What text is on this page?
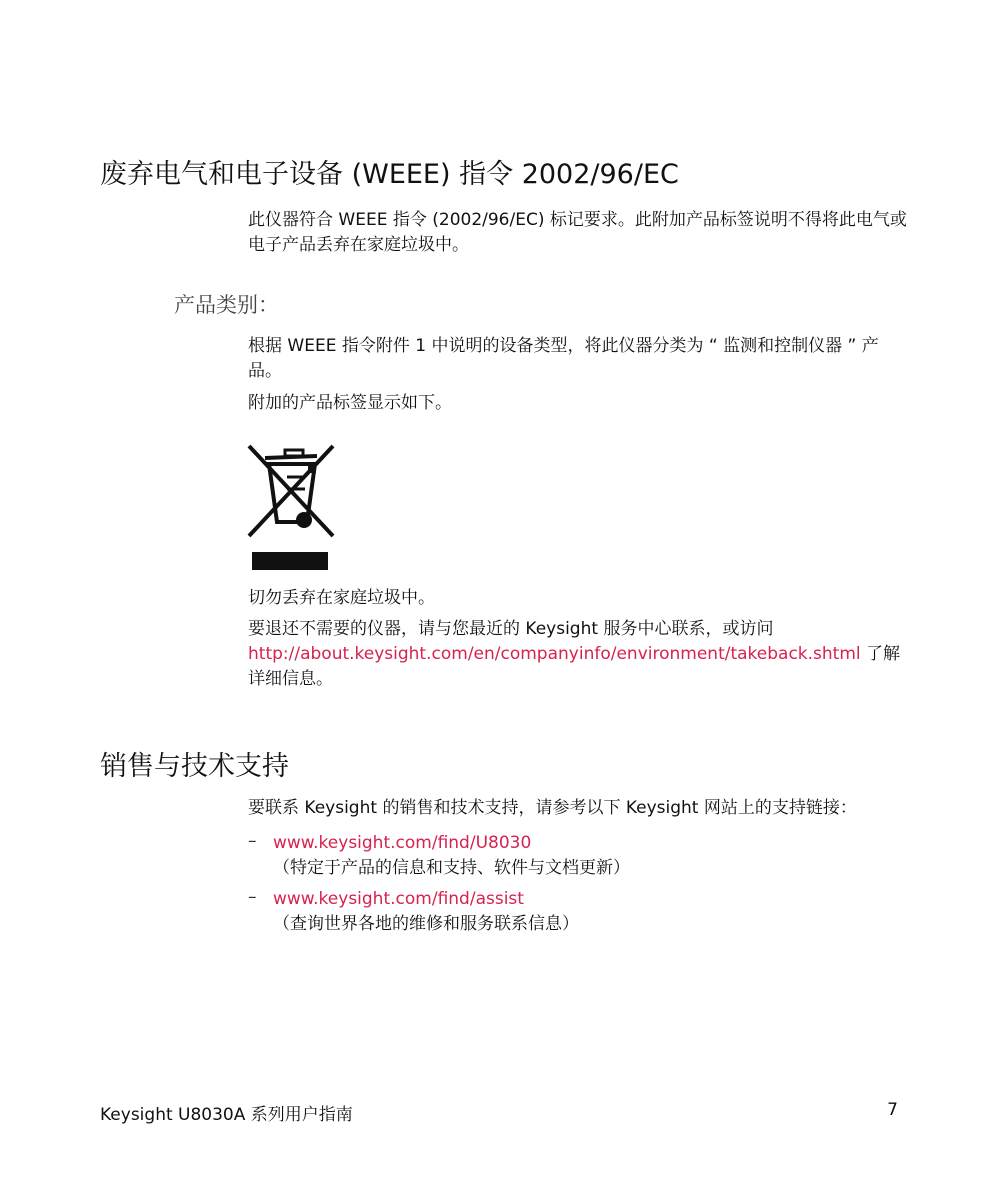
废弃电气和电子设备 (WEEE) 指令 2002/96/EC
此仪器符合 WEEE 指令 (2002/96/EC) 标记要求。此附加产品标签说明不得将此电气或电子产品丢弃在家庭垃圾中。
产品类别：
根据 WEEE 指令附件 1 中说明的设备类型，将此仪器分类为 “ 监测和控制仪器 ” 产品。
附加的产品标签显示如下。
切勿丢弃在家庭垃圾中。
要退还不需要的仪器，请与您最近的 Keysight 服务中心联系，或访问
http://about.keysight.com/en/companyinfo/environment/takeback.shtml 了解详细信息。
销售与技术支持
要联系 Keysight 的销售和技术支持，请参考以下 Keysight 网站上的支持链接：
– www.keysight.com/find/U8030
（特定于产品的信息和支持、软件与文档更新）
– www.keysight.com/find/assist
（查询世界各地的维修和服务联系信息）
Keysight U8030A 系列用户指南	7
